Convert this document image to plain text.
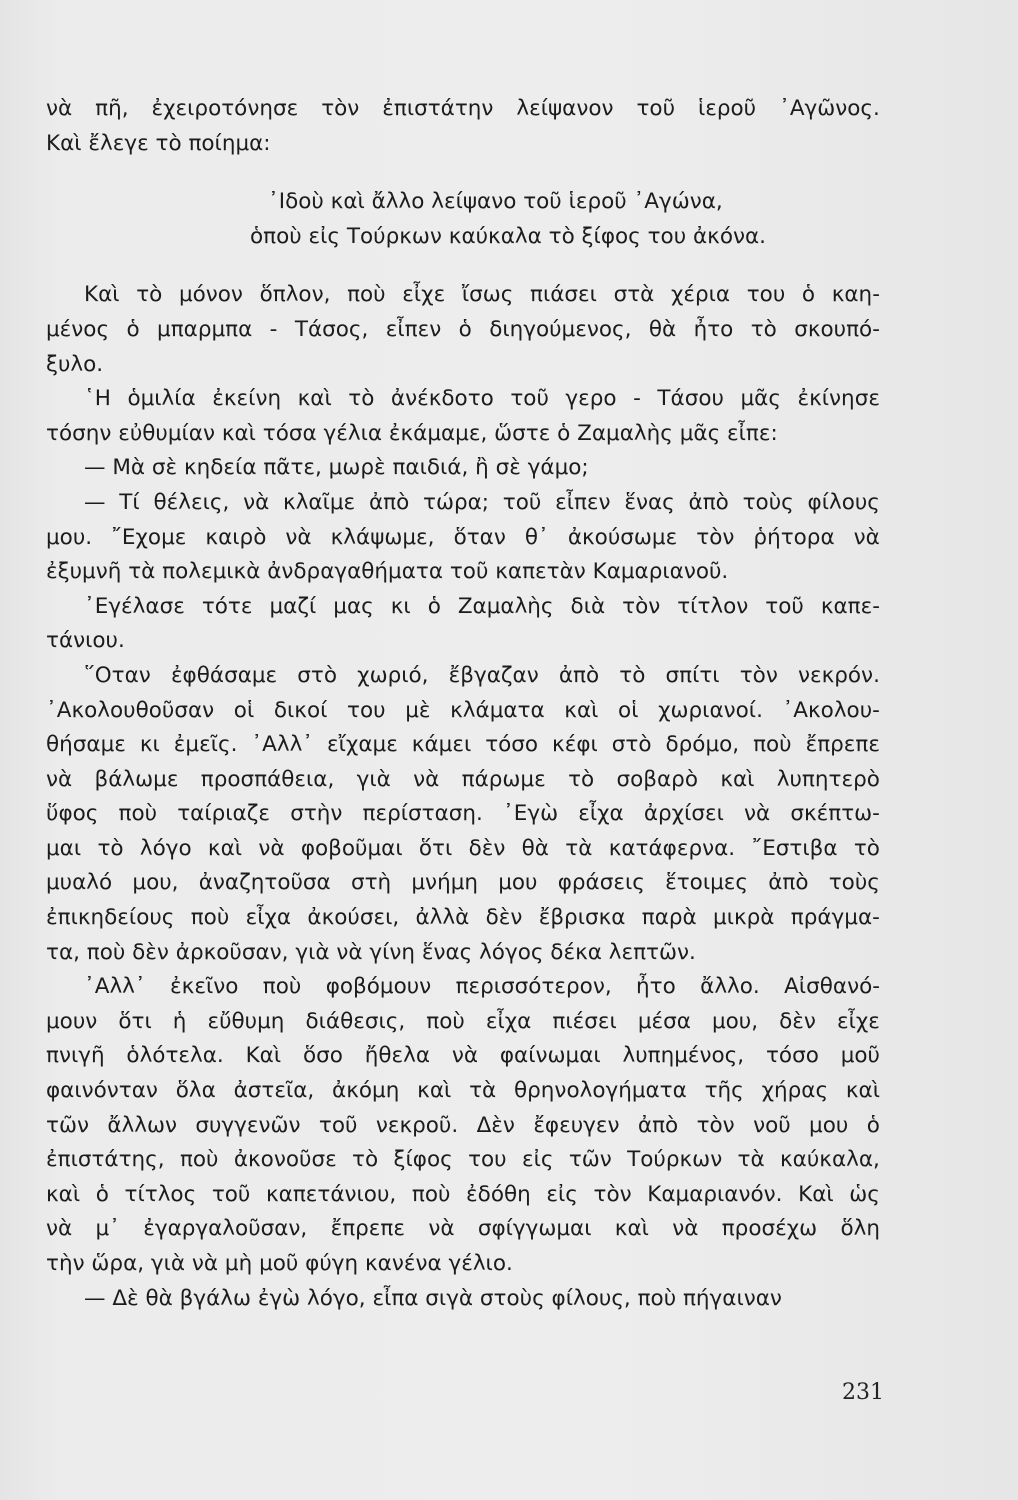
νὰ πῆ, ἐχειροτόνησε τὸν ἐπιστάτην λείψανον τοῦ ἱεροῦ ᾿Αγῶνος.
Καὶ ἔλεγε τὸ ποίημα:
᾿Ιδοὺ καὶ ἄλλο λείψανο τοῦ ἱεροῦ ᾿Αγώνα,
ὁποὺ εἰς Τούρκων καύκαλα τὸ ξίφος του ἀκόνα.
Καὶ τὸ μόνον ὅπλον, ποὺ εἶχε ἴσως πιάσει στὰ χέρια του ὁ καη-
μένος ὁ μπαρμπα - Τάσος, εἶπεν ὁ διηγούμενος, θὰ ἦτο τὸ σκουπό-
ξυλο.
῾Η ὁμιλία ἐκείνη καὶ τὸ ἀνέκδοτο τοῦ γερο - Τάσου μᾶς ἐκίνησε
τόσην εὐθυμίαν καὶ τόσα γέλια ἐκάμαμε, ὥστε ὁ Ζαμαλὴς μᾶς εἶπε:
— Μὰ σὲ κηδεία πᾶτε, μωρὲ παιδιά, ἢ σὲ γάμο;
— Τί θέλεις, νὰ κλαῖμε ἀπὸ τώρα; τοῦ εἶπεν ἕνας ἀπὸ τοὺς φίλους
μου. ῎Εχομε καιρὸ νὰ κλάψωμε, ὅταν θ᾿ ἀκούσωμε τὸν ῥήτορα νὰ
ἐξυμνῆ τὰ πολεμικὰ ἀνδραγαθήματα τοῦ καπετὰν Καμαριανοῦ.
᾿Εγέλασε τότε μαζί μας κι ὁ Ζαμαλὴς διὰ τὸν τίτλον τοῦ καπε-
τάνιου.
῞Οταν ἐφθάσαμε στὸ χωριό, ἔβγαζαν ἀπὸ τὸ σπίτι τὸν νεκρόν.
᾿Ακολουθοῦσαν οἱ δικοί του μὲ κλάματα καὶ οἱ χωριανοί. ᾿Ακολου-
θήσαμε κι ἐμεῖς. ᾿Αλλ᾿ εἴχαμε κάμει τόσο κέφι στὸ δρόμο, ποὺ ἔπρεπε
νὰ βάλωμε προσπάθεια, γιὰ νὰ πάρωμε τὸ σοβαρὸ καὶ λυπητερὸ
ὕφος ποὺ ταίριαζε στὴν περίσταση. ᾿Εγὼ εἶχα ἀρχίσει νὰ σκέπτω-
μαι τὸ λόγο καὶ νὰ φοβοῦμαι ὅτι δὲν θὰ τὰ κατάφερνα. ῎Εστιβα τὸ
μυαλό μου, ἀναζητοῦσα στὴ μνήμη μου φράσεις ἕτοιμες ἀπὸ τοὺς
ἐπικηδείους ποὺ εἶχα ἀκούσει, ἀλλὰ δὲν ἔβρισκα παρὰ μικρὰ πράγμα-
τα, ποὺ δὲν ἀρκοῦσαν, γιὰ νὰ γίνη ἕνας λόγος δέκα λεπτῶν.
᾿Αλλ᾿ ἐκεῖνο ποὺ φοβόμουν περισσότερον, ἦτο ἄλλο. Αἰσθανό-
μουν ὅτι ἡ εὔθυμη διάθεσις, ποὺ εἶχα πιέσει μέσα μου, δὲν εἶχε
πνιγῆ ὁλότελα. Καὶ ὅσο ἤθελα νὰ φαίνωμαι λυπημένος, τόσο μοῦ
φαινόνταν ὅλα ἀστεῖα, ἀκόμη καὶ τὰ θρηνολογήματα τῆς χήρας καὶ
τῶν ἄλλων συγγενῶν τοῦ νεκροῦ. Δὲν ἔφευγεν ἀπὸ τὸν νοῦ μου ὁ
ἐπιστάτης, ποὺ ἀκονοῦσε τὸ ξίφος του εἰς τῶν Τούρκων τὰ καύκαλα,
καὶ ὁ τίτλος τοῦ καπετάνιου, ποὺ ἐδόθη εἰς τὸν Καμαριανόν. Καὶ ὡς
νὰ μ᾿ ἐγαργαλοῦσαν, ἔπρεπε νὰ σφίγγωμαι καὶ νὰ προσέχω ὅλη
τὴν ὥρα, γιὰ νὰ μὴ μοῦ φύγη κανένα γέλιο.
— Δὲ θὰ βγάλω ἐγὼ λόγο, εἶπα σιγὰ στοὺς φίλους, ποὺ πήγαιναν
231
